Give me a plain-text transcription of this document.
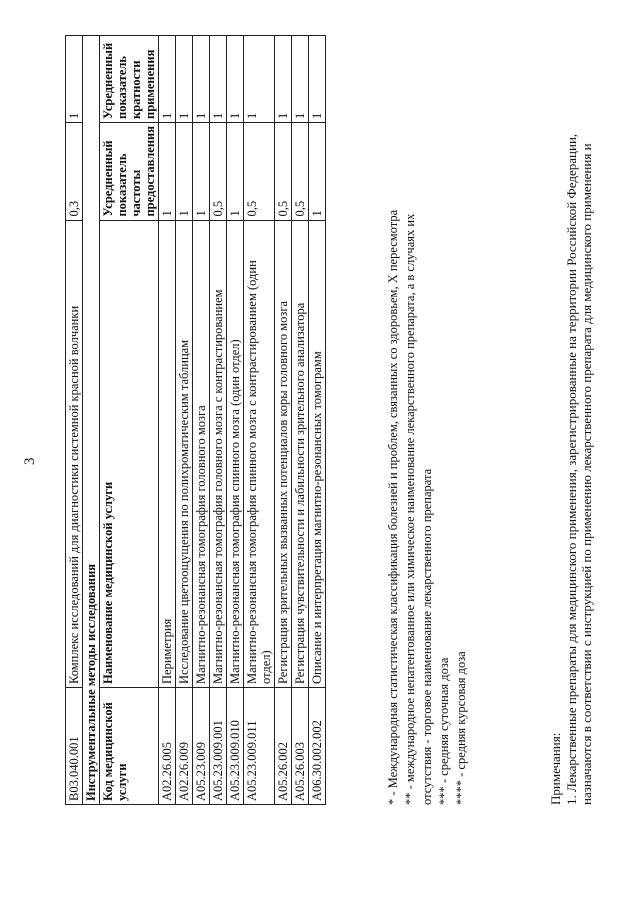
3
B03.040.001	Комплекс исследований для диагностики системной красной волчанки	0,3	1
Инструментальные методы исследования			
Код медицинской услуги	Наименование медицинской услуги	Усредненный показатель частоты предоставления	Усредненный показатель кратности применения
A02.26.005	Периметрия	1	1
A02.26.009	Исследование цветоощущения по полихроматическим таблицам	1	1
A05.23.009	Магнитно-резонансная томография головного мозга	1	1
A05.23.009.001	Магнитно-резонансная томография головного мозга с контрастированием	0,5	1
A05.23.009.010	Магнитно-резонансная томография спинного мозга (один отдел)	1	1
A05.23.009.011	Магнитно-резонансная томография спинного мозга с контрастированием (один отдел)	0,5	1
A05.26.002	Регистрация зрительных вызванных потенциалов коры головного мозга	0,5	1
A05.26.003	Регистрация чувствительности и лабильности зрительного анализатора	0,5	1
A06.30.002.002	Описание и интерпретация магнитно-резонансных томограмм	1	1
* - Международная статистическая классификация болезней и проблем, связанных со здоровьем, X пересмотра ** - международное непатентованное или химическое наименование лекарственного препарата, а в случаях их отсутствия - торговое наименование лекарственного препарата *** - средняя суточная доза **** - средняя курсовая доза	Примечания: 1. Лекарственные препараты для медицинского применения, зарегистрированные на территории Российской Федерации, назначаются в соответствии с инструкцией по применению лекарственного препарата для медицинского применения и
